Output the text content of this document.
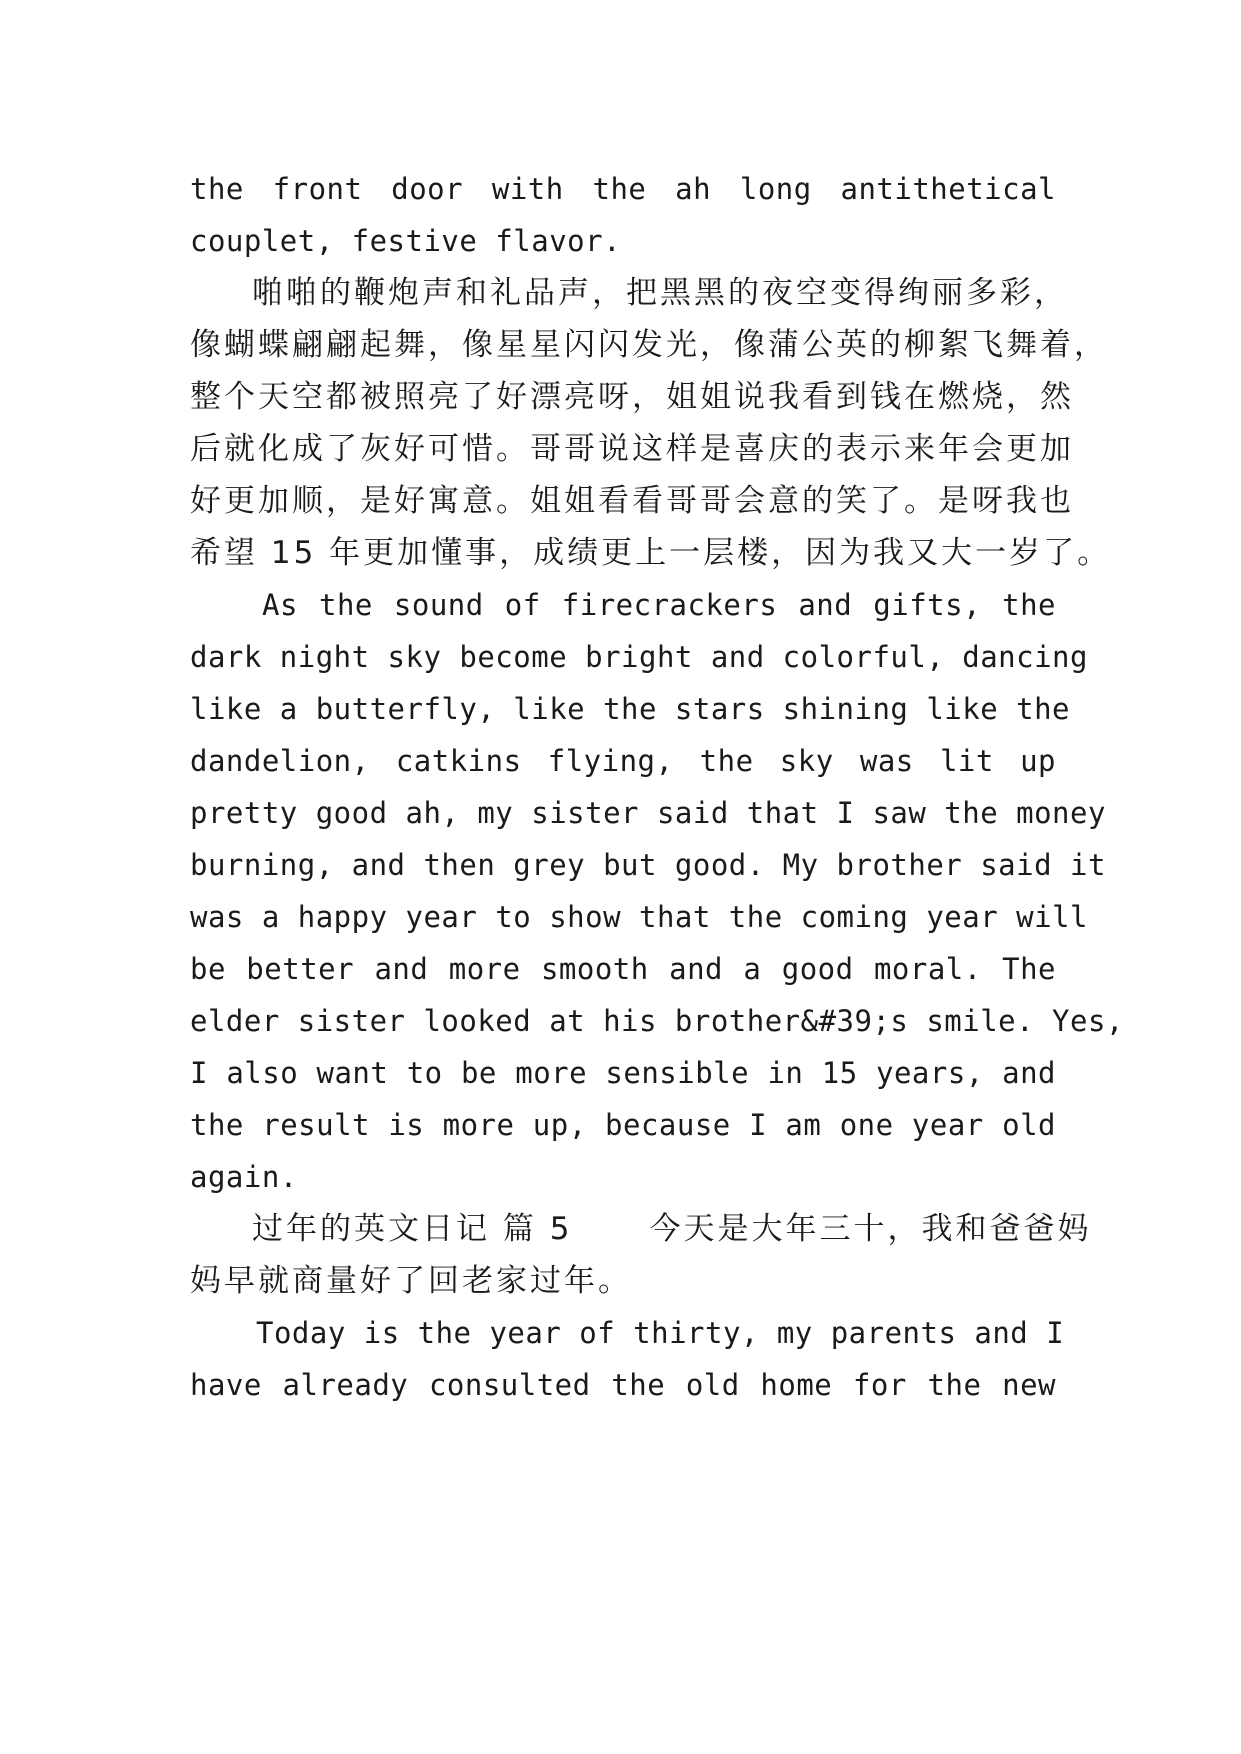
the front door with the ah long antithetical
couplet, festive flavor.
啪啪的鞭炮声和礼品声，把黑黑的夜空变得绚丽多彩，
像蝴蝶翩翩起舞，像星星闪闪发光，像蒲公英的柳絮飞舞着，
整个天空都被照亮了好漂亮呀，姐姐说我看到钱在燃烧，然
后就化成了灰好可惜。哥哥说这样是喜庆的表示来年会更加
好更加顺，是好寓意。姐姐看看哥哥会意的笑了。是呀我也
希望 15 年更加懂事，成绩更上一层楼，因为我又大一岁了。
As the sound of firecrackers and gifts, the
dark night sky become bright and colorful, dancing
like a butterfly, like the stars shining like the
dandelion, catkins flying, the sky was lit up
pretty good ah, my sister said that I saw the money
burning, and then grey but good. My brother said it
was a happy year to show that the coming year will
be better and more smooth and a good moral. The
elder sister looked at his brother&#39;s smile. Yes,
I also want to be more sensible in 15 years, and
the result is more up, because I am one year old
again.
过年的英文日记 篇 5      今天是大年三十，我和爸爸妈
妈早就商量好了回老家过年。
Today is the year of thirty, my parents and I
have already consulted the old home for the new
